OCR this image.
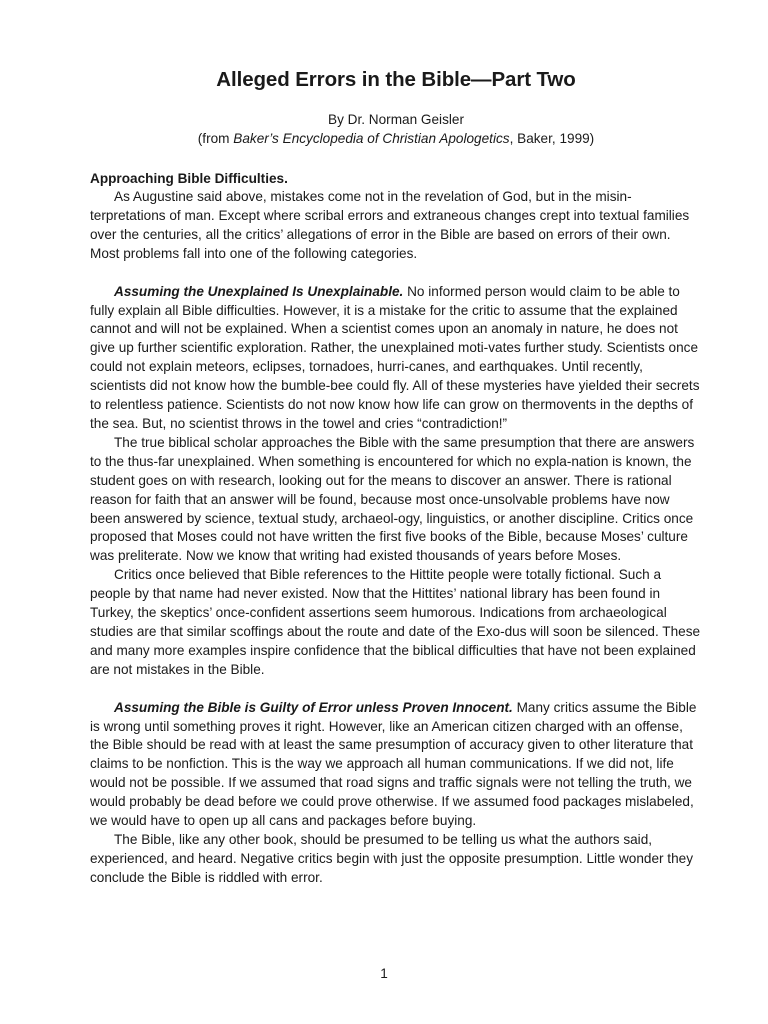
Alleged Errors in the Bible—Part Two
By Dr. Norman Geisler
(from Baker’s Encyclopedia of Christian Apologetics, Baker, 1999)
Approaching Bible Difficulties.

As Augustine said above, mistakes come not in the revelation of God, but in the misin-terpretations of man. Except where scribal errors and extraneous changes crept into textual families over the centuries, all the critics’ allegations of error in the Bible are based on errors of their own. Most problems fall into one of the following categories.

Assuming the Unexplained Is Unexplainable. No informed person would claim to be able to fully explain all Bible difficulties. However, it is a mistake for the critic to assume that the explained cannot and will not be explained. When a scientist comes upon an anomaly in nature, he does not give up further scientific exploration. Rather, the unexplained moti-vates further study. Scientists once could not explain meteors, eclipses, tornadoes, hurri-canes, and earthquakes. Until recently, scientists did not know how the bumble-bee could fly. All of these mysteries have yielded their secrets to relentless patience. Scientists do not now know how life can grow on thermovents in the depths of the sea. But, no scientist throws in the towel and cries “contradiction!”

The true biblical scholar approaches the Bible with the same presumption that there are answers to the thus-far unexplained. When something is encountered for which no expla-nation is known, the student goes on with research, looking out for the means to discover an answer. There is rational reason for faith that an answer will be found, because most once-unsolvable problems have now been answered by science, textual study, archaeol-ogy, linguistics, or another discipline. Critics once proposed that Moses could not have written the first five books of the Bible, because Moses’ culture was preliterate. Now we know that writing had existed thousands of years before Moses.

Critics once believed that Bible references to the Hittite people were totally fictional. Such a people by that name had never existed. Now that the Hittites’ national library has been found in Turkey, the skeptics’ once-confident assertions seem humorous. Indications from archaeological studies are that similar scoffings about the route and date of the Exo-dus will soon be silenced. These and many more examples inspire confidence that the biblical difficulties that have not been explained are not mistakes in the Bible.

Assuming the Bible is Guilty of Error unless Proven Innocent. Many critics assume the Bible is wrong until something proves it right. However, like an American citizen charged with an offense, the Bible should be read with at least the same presumption of accuracy given to other literature that claims to be nonfiction. This is the way we approach all human communications. If we did not, life would not be possible. If we assumed that road signs and traffic signals were not telling the truth, we would probably be dead before we could prove otherwise. If we assumed food packages mislabeled, we would have to open up all cans and packages before buying.

The Bible, like any other book, should be presumed to be telling us what the authors said, experienced, and heard. Negative critics begin with just the opposite presumption. Little wonder they conclude the Bible is riddled with error.

1
